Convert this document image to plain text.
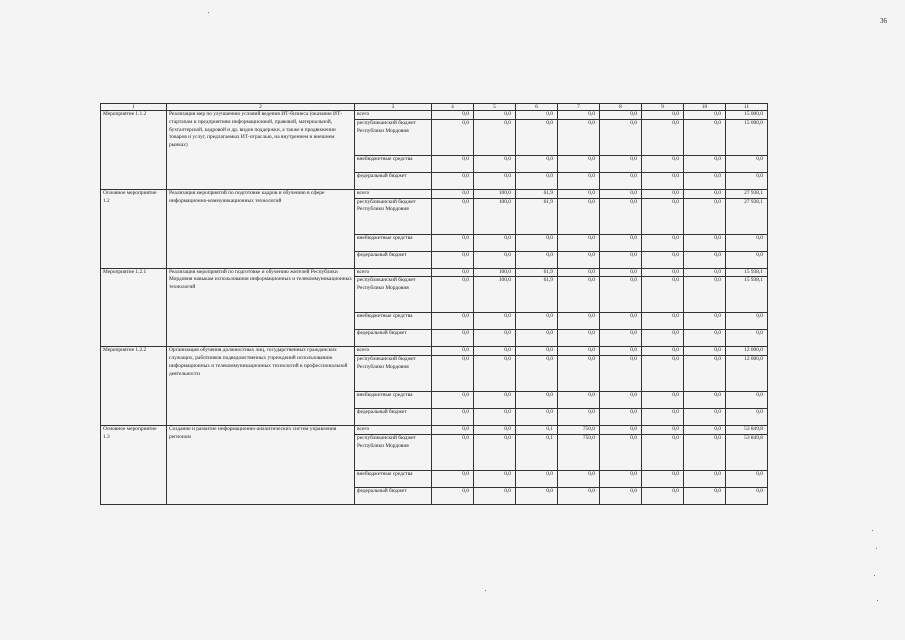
36
1	2	3	4	5	6	7	8	9	10	11
Мероприятие 1.1.2	Реализация мер по улучшению условий ведения ИТ-бизнеса (оказание ИТ-стартапам и предприятиям информационной, правовой, материальной, бухгалтерской, кадровой и др. видов поддержки, а также в продвижении товаров и услуг, предлагаемых ИТ-отраслью, на внутреннем и внешнем рынках)	всего	0,0	0,0	0,0	0,0	0,0	0,0	0,0	15 000,0
		республиканский бюджет Республики Мордовия	0,0	0,0	0,0	0,0	0,0	0,0	0,0	15 000,0
		внебюджетные средства	0,0	0,0	0,0	0,0	0,0	0,0	0,0	0,0
		федеральный бюджет	0,0	0,0	0,0	0,0	0,0	0,0	0,0	0,0
Основное мероприятие 1.2	Реализация мероприятий по подготовке кадров и обучению в сфере информационно-коммуникационных технологий	всего	0,0	100,0	61,9	0,0	0,0	0,0	0,0	27 938,1
		республиканский бюджет Республики Мордовия	0,0	100,0	61,9	0,0	0,0	0,0	0,0	27 938,1
		внебюджетные средства	0,0	0,0	0,0	0,0	0,0	0,0	0,0	0,0
		федеральный бюджет	0,0	0,0	0,0	0,0	0,0	0,0	0,0	0,0
Мероприятие 1.2.1	Реализация мероприятий по подготовке и обучению жителей Республики Мордовия навыкам использования информационных и телекоммуникационных технологий	всего	0,0	100,0	61,9	0,0	0,0	0,0	0,0	15 938,1
		республиканский бюджет Республики Мордовия	0,0	100,0	61,9	0,0	0,0	0,0	0,0	15 938,1
		внебюджетные средства	0,0	0,0	0,0	0,0	0,0	0,0	0,0	0,0
		федеральный бюджет	0,0	0,0	0,0	0,0	0,0	0,0	0,0	0,0
Мероприятие 1.2.2	Организация обучения должностных лиц, государственных гражданских служащих, работников подведомственных учреждений использованию информационных и телекоммуникационных технологий в профессиональной деятельности	всего	0,0	0,0	0,0	0,0	0,0	0,0	0,0	12 000,0
		республиканский бюджет Республики Мордовия	0,0	0,0	0,0	0,0	0,0	0,0	0,0	12 000,0
		внебюджетные средства	0,0	0,0	0,0	0,0	0,0	0,0	0,0	0,0
		федеральный бюджет	0,0	0,0	0,0	0,0	0,0	0,0	0,0	0,0
Основное мероприятие 1.3	Создание и развитие информационно-аналитических систем управления регионом	всего	0,0	0,0	0,1	750,0	0,0	0,0	0,0	53 849,8
		республиканский бюджет Республики Мордовия	0,0	0,0	0,1	750,0	0,0	0,0	0,0	53 849,8
		внебюджетные средства	0,0	0,0	0,0	0,0	0,0	0,0	0,0	0,0
		федеральный бюджет	0,0	0,0	0,0	0,0	0,0	0,0	0,0	0,0
